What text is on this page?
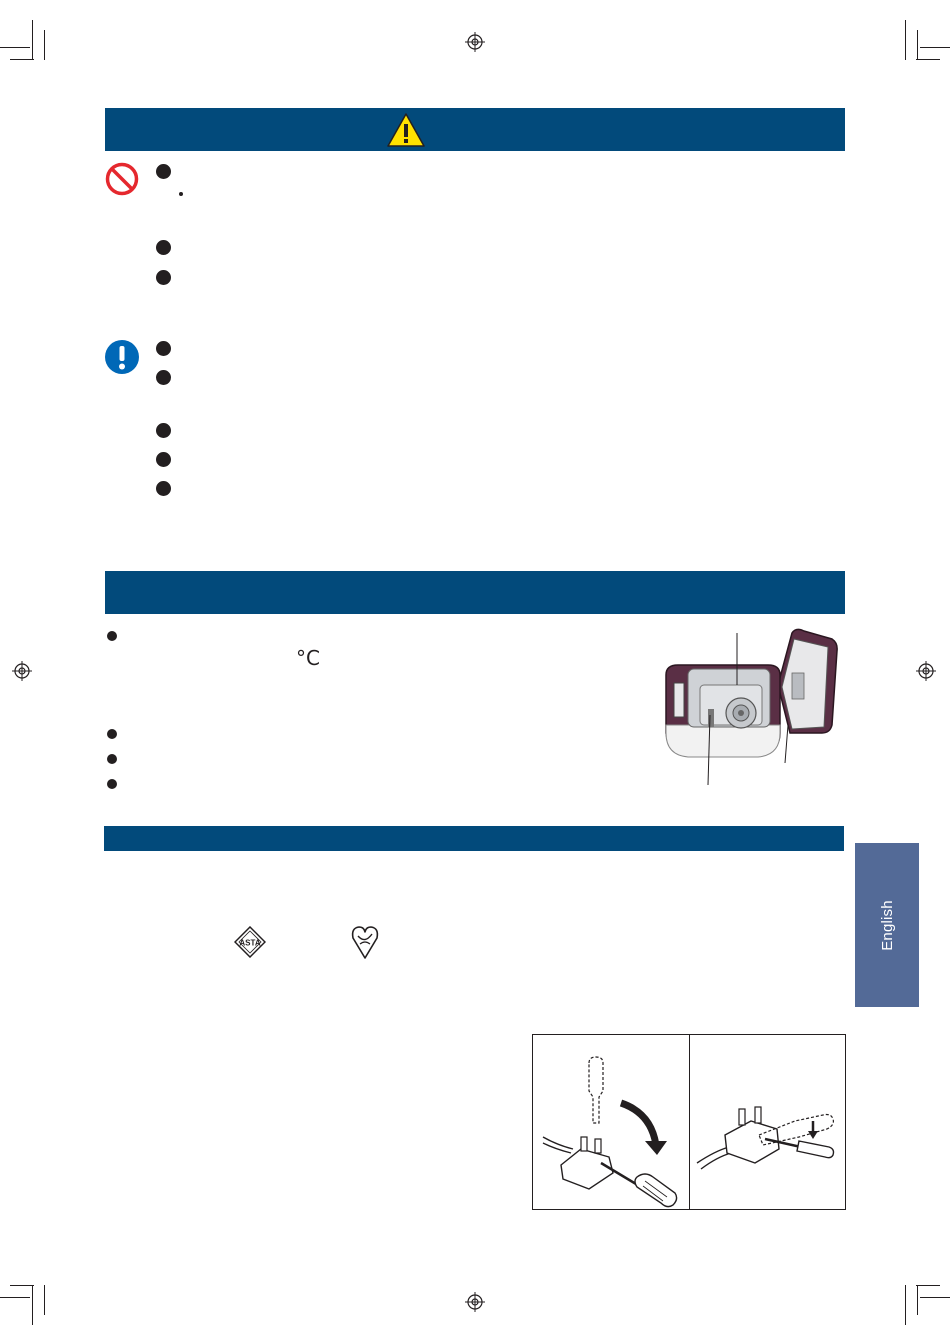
°C
ASTA	English
